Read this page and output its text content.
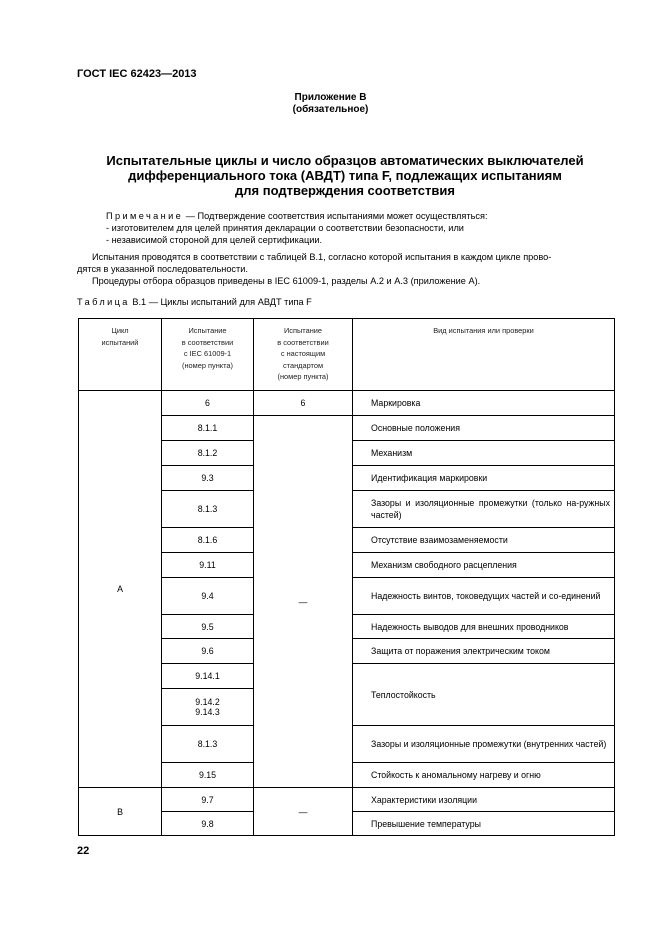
ГОСТ IEC 62423—2013
Приложение В
(обязательное)
Испытательные циклы и число образцов автоматических выключателей
дифференциального тока (АВДТ) типа F, подлежащих испытаниям
для подтверждения соответствия
Примечание — Подтверждение соответствия испытаниями может осуществляться:
- изготовителем для целей принятия декларации о соответствии безопасности, или
- независимой стороной для целей сертификации.
Испытания проводятся в соответствии с таблицей В.1, согласно которой испытания в каждом цикле прово-
дятся в указанной последовательности.
Процедуры отбора образцов приведены в IEC 61009-1, разделы А.2 и А.3 (приложение А).
Таблица В.1 — Циклы испытаний для АВДТ типа F
Цикл
испытаний	Испытание
в соответствии
с IEC 61009-1
(номер пункта)	Испытание
в соответствии
с настоящим
стандартом
(номер пункта)	Вид испытания или проверки
А	6	6	Маркировка
	8.1.1	—	Основные положения
	8.1.2		Механизм
	9.3		Идентификация маркировки
	8.1.3		Зазоры и изоляционные промежутки (только на-ружных частей)
	8.1.6		Отсутствие взаимозаменяемости
	9.11		Механизм свободного расцепления
	9.4		Надежность винтов, токоведущих частей и со-единений
	9.5		Надежность выводов для внешних проводников
	9.6		Защита от поражения электрическим током
	9.14.1		Теплостойкость
	9.14.2
9.14.3		
	8.1.3		Зазоры и изоляционные промежутки (внутренних частей)
	9.15		Стойкость к аномальному нагреву и огню

В	9.7	—	Характеристики изоляции
	9.8		Превышение температуры
22
